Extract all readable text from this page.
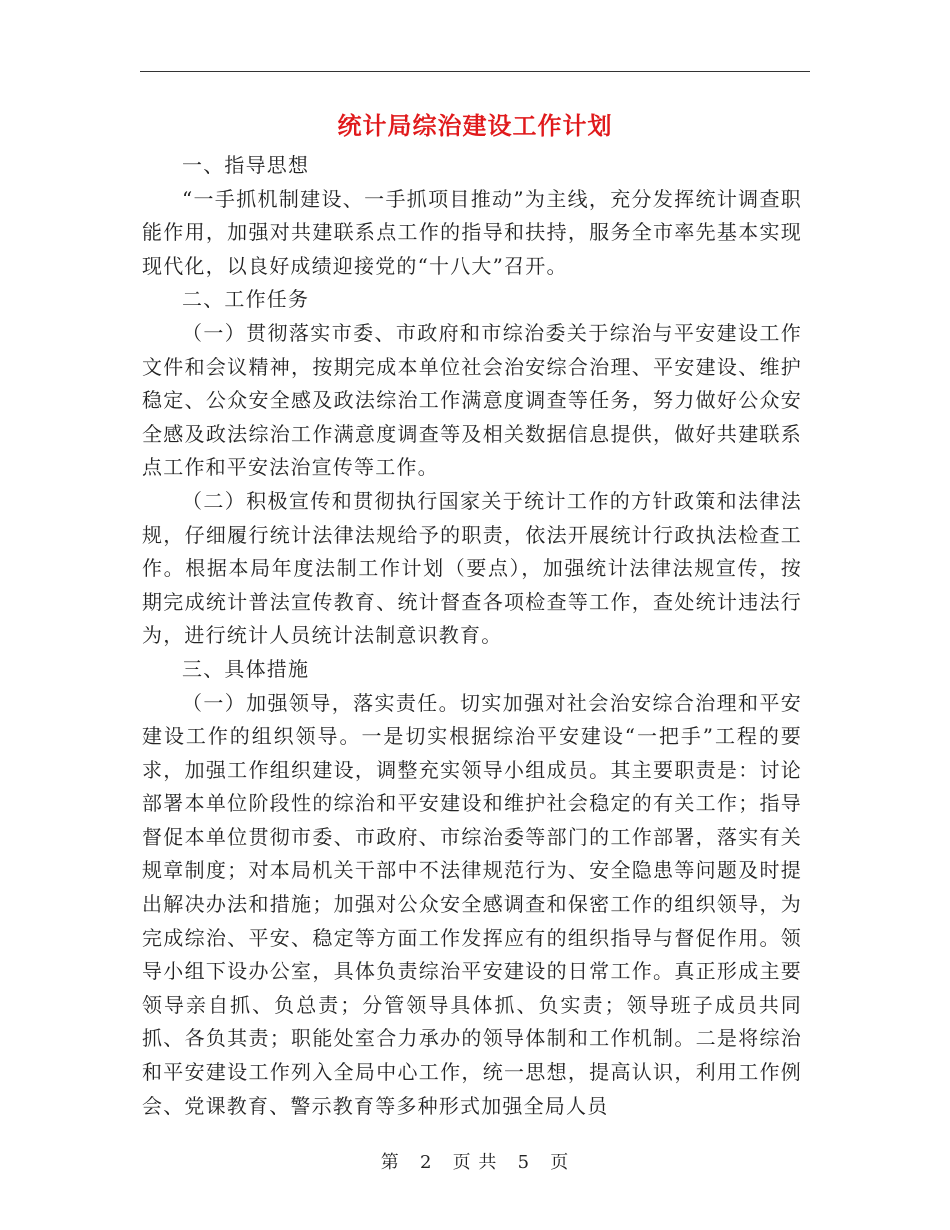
统计局综治建设工作计划

一、指导思想

“一手抓机制建设、一手抓项目推动”为主线，充分发挥统计调查职能作用，加强对共建联系点工作的指导和扶持，服务全市率先基本实现现代化，以良好成绩迎接党的“十八大”召开。

二、工作任务

（一）贯彻落实市委、市政府和市综治委关于综治与平安建设工作文件和会议精神，按期完成本单位社会治安综合治理、平安建设、维护稳定、公众安全感及政法综治工作满意度调查等任务，努力做好公众安全感及政法综治工作满意度调查等及相关数据信息提供，做好共建联系点工作和平安法治宣传等工作。

（二）积极宣传和贯彻执行国家关于统计工作的方针政策和法律法规，仔细履行统计法律法规给予的职责，依法开展统计行政执法检查工作。根据本局年度法制工作计划（要点），加强统计法律法规宣传，按期完成统计普法宣传教育、统计督查各项检查等工作，查处统计违法行为，进行统计人员统计法制意识教育。

三、具体措施

（一）加强领导，落实责任。切实加强对社会治安综合治理和平安建设工作的组织领导。一是切实根据综治平安建设“一把手”工程的要求，加强工作组织建设，调整充实领导小组成员。其主要职责是：讨论部署本单位阶段性的综治和平安建设和维护社会稳定的有关工作；指导督促本单位贯彻市委、市政府、市综治委等部门的工作部署，落实有关规章制度；对本局机关干部中不法律规范行为、安全隐患等问题及时提出解决办法和措施；加强对公众安全感调查和保密工作的组织领导，为完成综治、平安、稳定等方面工作发挥应有的组织指导与督促作用。领导小组下设办公室，具体负责综治平安建设的日常工作。真正形成主要领导亲自抓、负总责；分管领导具体抓、负实责；领导班子成员共同抓、各负其责；职能处室合力承办的领导体制和工作机制。二是将综治和平安建设工作列入全局中心工作，统一思想，提高认识，利用工作例会、党课教育、警示教育等多种形式加强全局人员

第 2 页 共 5 页
